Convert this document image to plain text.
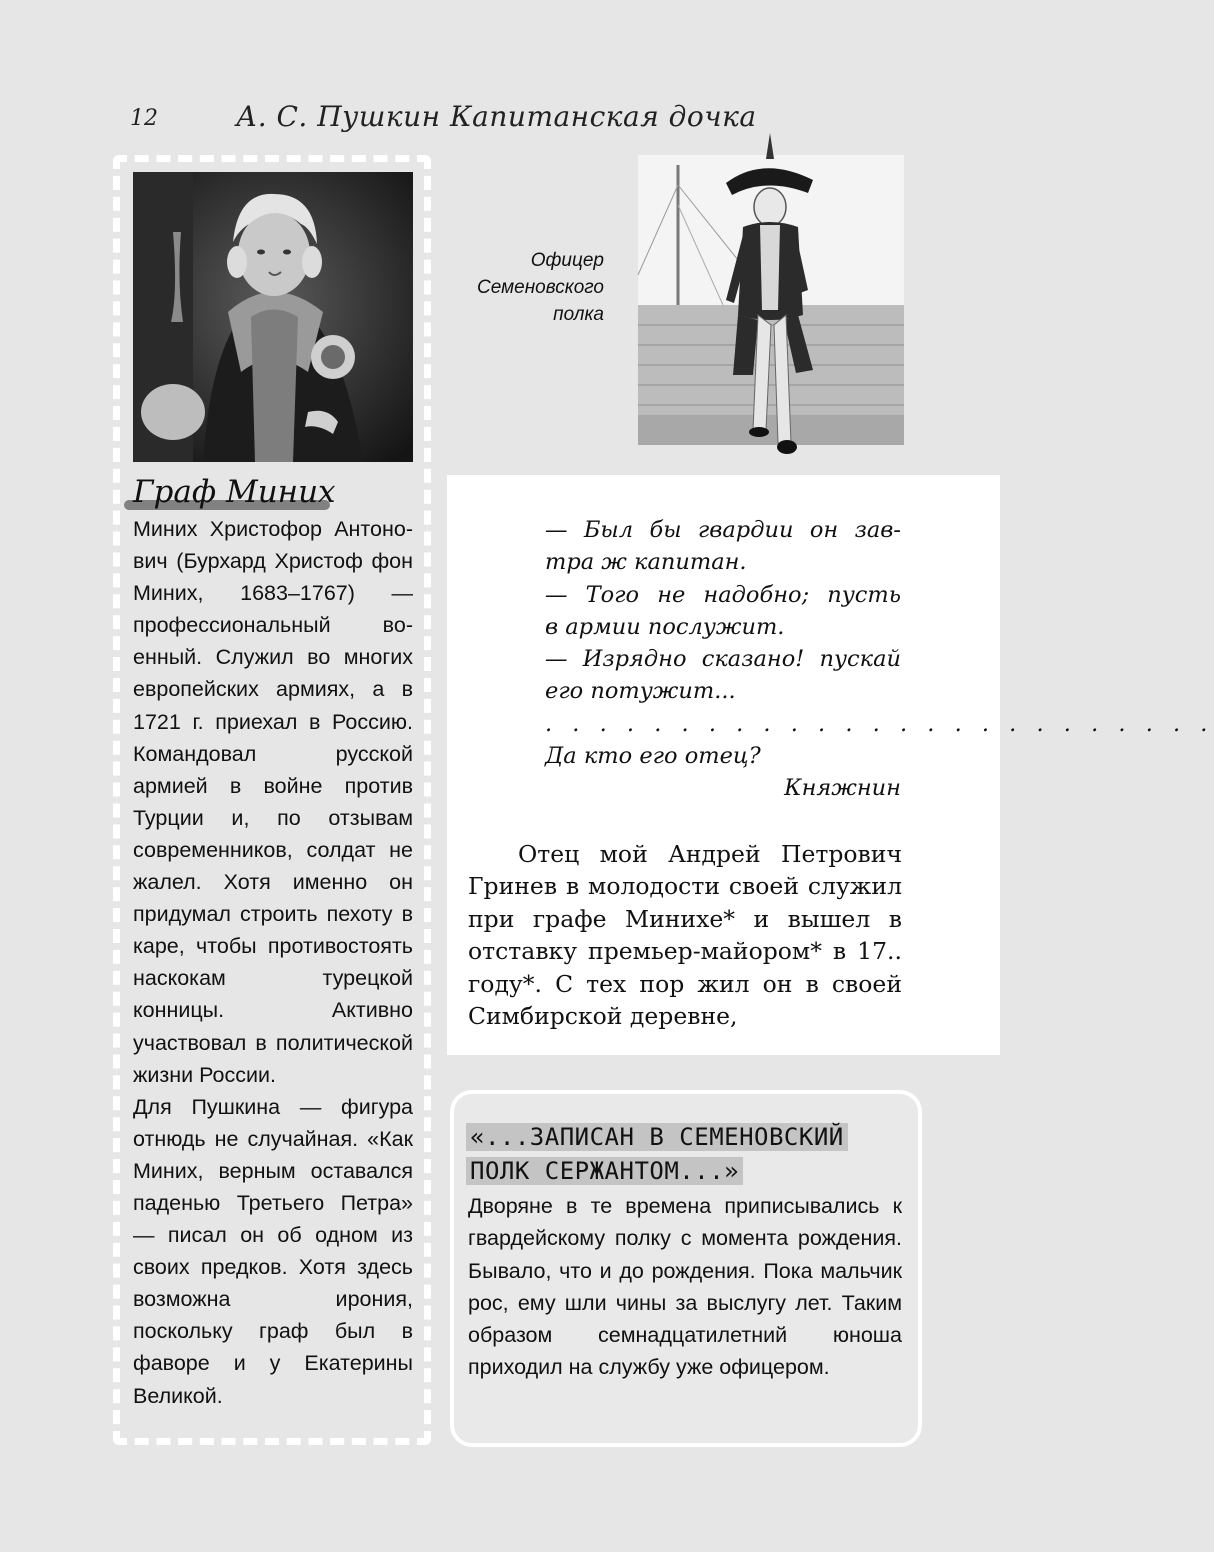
12	А. С. Пушкин Капитанская дочка
Граф Миних

Миних Христофор Антонович (Бурхард Христоф фон Миних, 1683–1767) — профессиональный военный. Служил во многих европейских армиях, а в 1721 г. приехал в Россию. Командовал русской армией в войне против Турции и, по отзывам современников, солдат не жалел. Хотя именно он придумал строить пехоту в каре, чтобы противостоять наскокам турецкой конницы. Активно участвовал в политической жизни России.

Для Пушкина — фигура отнюдь не случайная. «Как Миних, верным оставался паденью Третьего Петра» — писал он об одном из своих предков. Хотя здесь возможна ирония, поскольку граф был в фаворе и у Екатерины Великой.

Офицер
Семеновского
полка
— Был бы гвардии он зав-
тра ж капитан.
— Того не надобно; пусть
в армии послужит.
— Изрядно сказано! пускай
его потужит...
. . . . . . . . . . . . . . . . . . . . . . . . .
Да кто его отец?
Княжнин

Отец мой Андрей Петрович Гринев в молодости своей служил при графе Минихе* и вышел в отставку премьер-майором* в 17.. году*. С тех пор жил он в своей Симбирской деревне,

«...ЗАПИСАН В СЕМЕНОВСКИЙ ПОЛК СЕРЖАНТОМ...»
Дворяне в те времена приписывались к гвардейскому полку с момента рождения. Бывало, что и до рождения. Пока мальчик рос, ему шли чины за выслугу лет. Таким образом семнадцатилетний юноша приходил на службу уже офицером.
